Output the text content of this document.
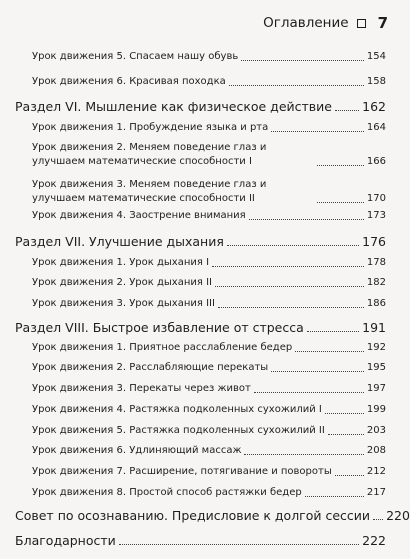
Оглавление 7
Урок движения 5. Спасаем нашу обувь	154
Урок движения 6. Красивая походка	158
Раздел VI. Мышление как физическое действие 162
Урок движения 1. Пробуждение языка и рта	164
Урок движения 2. Меняем поведение глаз и улучшаем математические способности I	166
Урок движения 3. Меняем поведение глаз и улучшаем математические способности II	170
Урок движения 4. Заострение внимания	173
Раздел VII. Улучшение дыхания	176
Урок движения 1. Урок дыхания I	178
Урок движения 2. Урок дыхания II	182
Урок движения 3. Урок дыхания III	186
Раздел VIII. Быстрое избавление от стресса	191
Урок движения 1. Приятное расслабление бедер	192
Урок движения 2. Расслабляющие перекаты	195
Урок движения 3. Перекаты через живот	197
Урок движения 4. Растяжка подколенных сухожилий I	199
Урок движения 5. Растяжка подколенных сухожилий II	203
Урок движения 6. Удлиняющий массаж	208
Урок движения 7. Расширение, потягивание и повороты	212
Урок движения 8. Простой способ растяжки бедер	217
Совет по осознаванию. Предисловие к долгой сессии 220
Благодарности	222
